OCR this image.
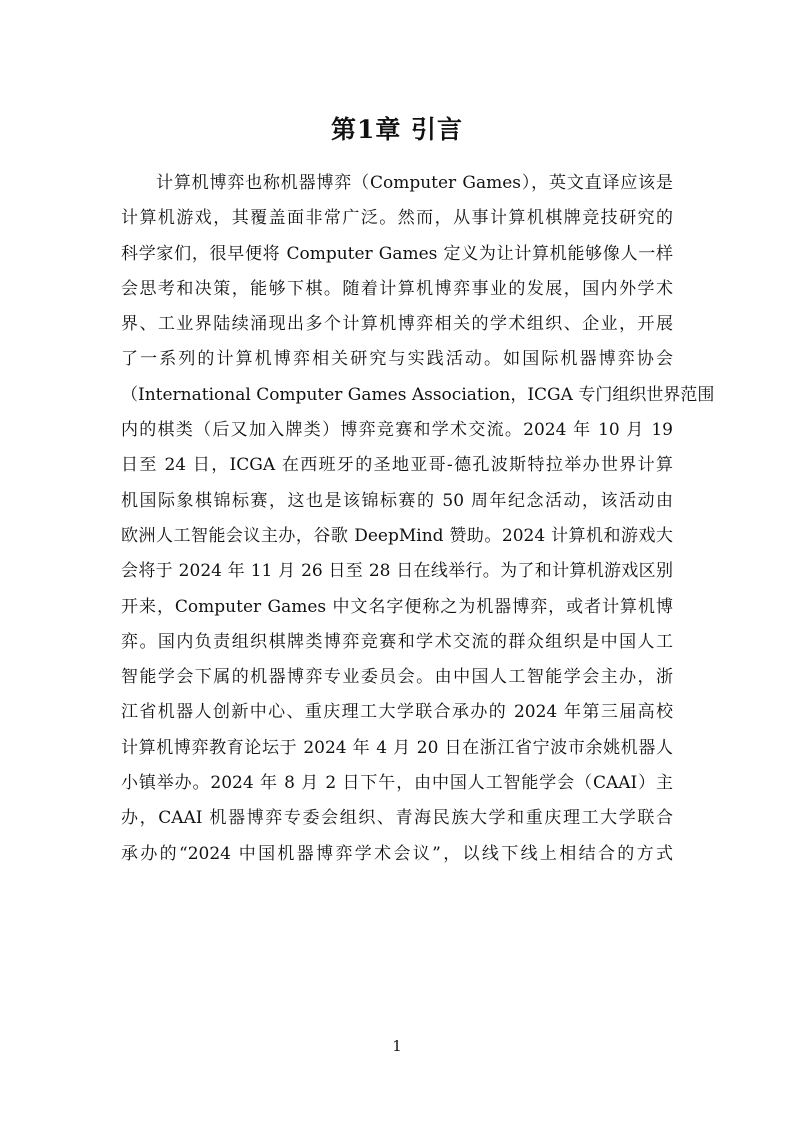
第1章 引言
计算机博弈也称机器博弈（Computer Games），英文直译应该是
计算机游戏，其覆盖面非常广泛。然而，从事计算机棋牌竞技研究的
科学家们，很早便将 Computer Games 定义为让计算机能够像人一样
会思考和决策，能够下棋。随着计算机博弈事业的发展，国内外学术
界、工业界陆续涌现出多个计算机博弈相关的学术组织、企业，开展
了一系列的计算机博弈相关研究与实践活动。如国际机器博弈协会
（International Computer Games Association，ICGA 专门组织世界范围
内的棋类（后又加入牌类）博弈竞赛和学术交流。2024 年 10 月 19
日至 24 日，ICGA 在西班牙的圣地亚哥-德孔波斯特拉举办世界计算
机国际象棋锦标赛，这也是该锦标赛的 50 周年纪念活动，该活动由
欧洲人工智能会议主办，谷歌 DeepMind 赞助。2024 计算机和游戏大
会将于 2024 年 11 月 26 日至 28 日在线举行。为了和计算机游戏区别
开来，Computer Games 中文名字便称之为机器博弈，或者计算机博
弈。国内负责组织棋牌类博弈竞赛和学术交流的群众组织是中国人工
智能学会下属的机器博弈专业委员会。由中国人工智能学会主办，浙
江省机器人创新中心、重庆理工大学联合承办的 2024 年第三届高校
计算机博弈教育论坛于 2024 年 4 月 20 日在浙江省宁波市余姚机器人
小镇举办。2024 年 8 月 2 日下午，由中国人工智能学会（CAAI）主
办，CAAI 机器博弈专委会组织、青海民族大学和重庆理工大学联合
承办的“2024 中国机器博弈学术会议”，以线下线上相结合的方式
1
